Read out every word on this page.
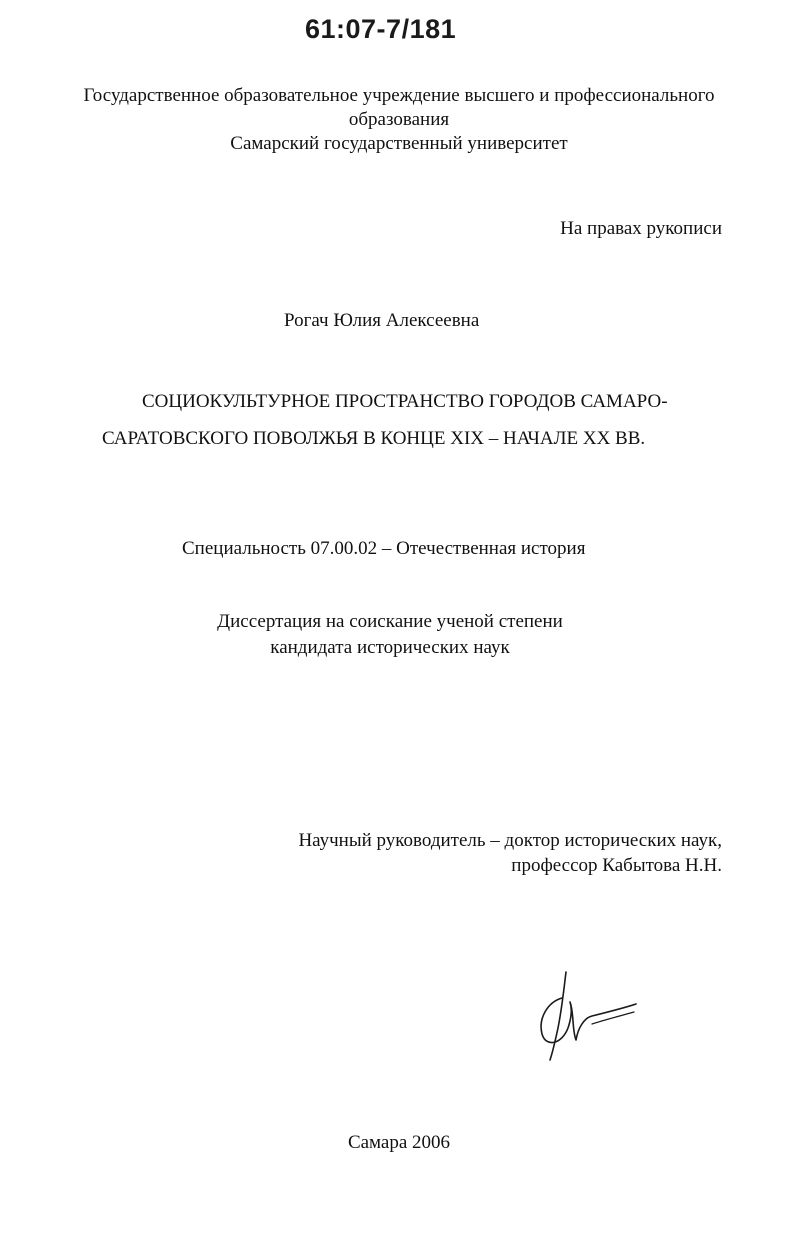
61:07-7/181
Государственное образовательное учреждение высшего и профессионального
образования
Самарский государственный университет
На правах рукописи
Рогач Юлия Алексеевна
СОЦИОКУЛЬТУРНОЕ ПРОСТРАНСТВО ГОРОДОВ САМАРО-
САРАТОВСКОГО ПОВОЛЖЬЯ В КОНЦЕ XIX – НАЧАЛЕ XX ВВ.
Специальность 07.00.02 – Отечественная история
Диссертация на соискание ученой степени
кандидата исторических наук
Научный руководитель – доктор исторических наук,
профессор Кабытова Н.Н.
Самара 2006
